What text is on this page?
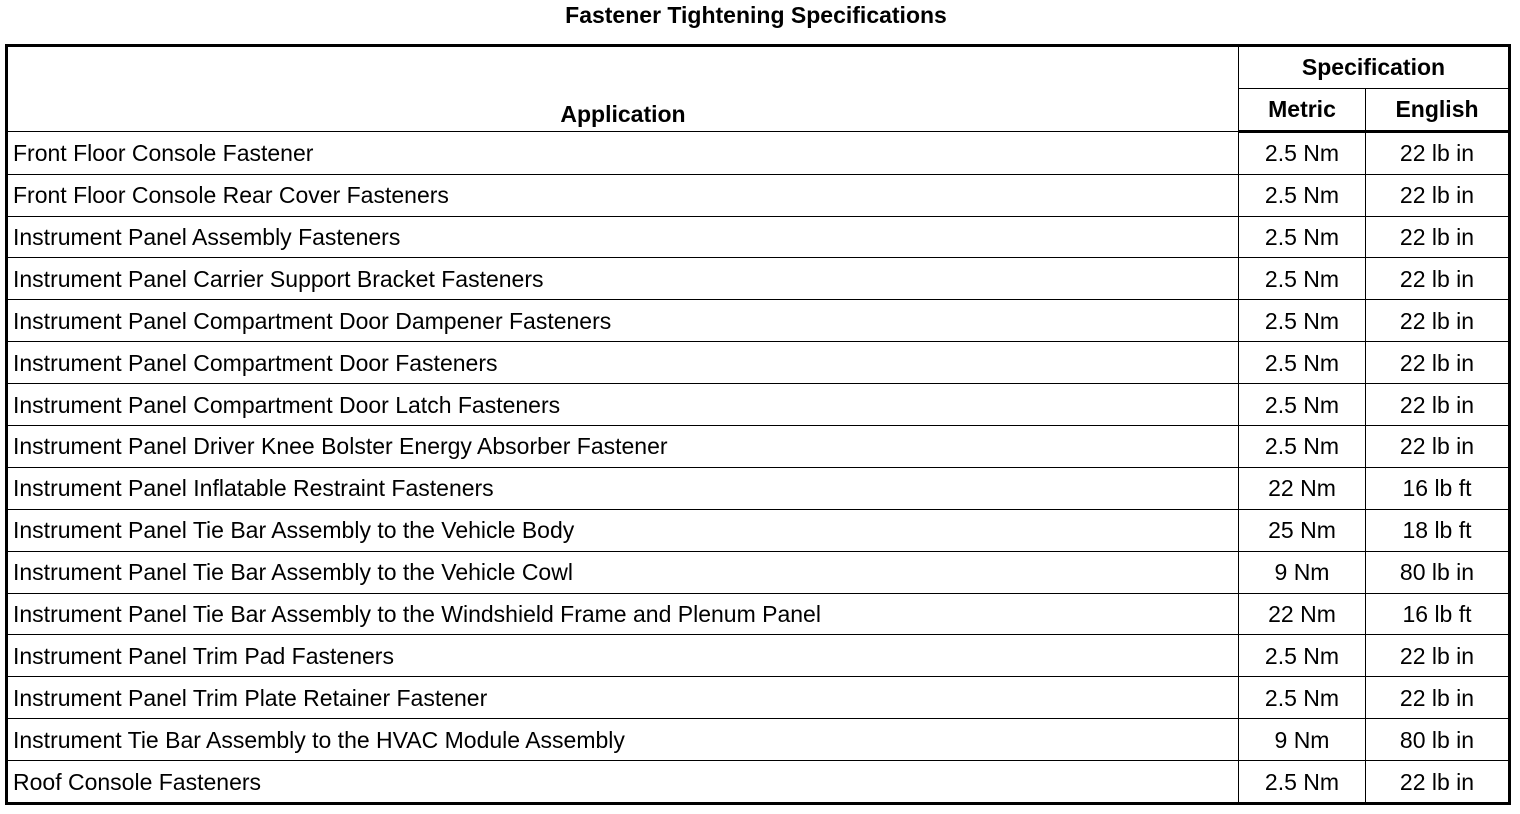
Fastener Tightening Specifications
Application	Specification	
	Metric	English
Front Floor Console Fastener	2.5 Nm	22 lb in
Front Floor Console Rear Cover Fasteners	2.5 Nm	22 lb in
Instrument Panel Assembly Fasteners	2.5 Nm	22 lb in
Instrument Panel Carrier Support Bracket Fasteners	2.5 Nm	22 lb in
Instrument Panel Compartment Door Dampener Fasteners	2.5 Nm	22 lb in
Instrument Panel Compartment Door Fasteners	2.5 Nm	22 lb in
Instrument Panel Compartment Door Latch Fasteners	2.5 Nm	22 lb in
Instrument Panel Driver Knee Bolster Energy Absorber Fastener	2.5 Nm	22 lb in
Instrument Panel Inflatable Restraint Fasteners	22 Nm	16 lb ft
Instrument Panel Tie Bar Assembly to the Vehicle Body	25 Nm	18 lb ft
Instrument Panel Tie Bar Assembly to the Vehicle Cowl	9 Nm	80 lb in
Instrument Panel Tie Bar Assembly to the Windshield Frame and Plenum Panel	22 Nm	16 lb ft
Instrument Panel Trim Pad Fasteners	2.5 Nm	22 lb in
Instrument Panel Trim Plate Retainer Fastener	2.5 Nm	22 lb in
Instrument Tie Bar Assembly to the HVAC Module Assembly	9 Nm	80 lb in
Roof Console Fasteners	2.5 Nm	22 lb in
